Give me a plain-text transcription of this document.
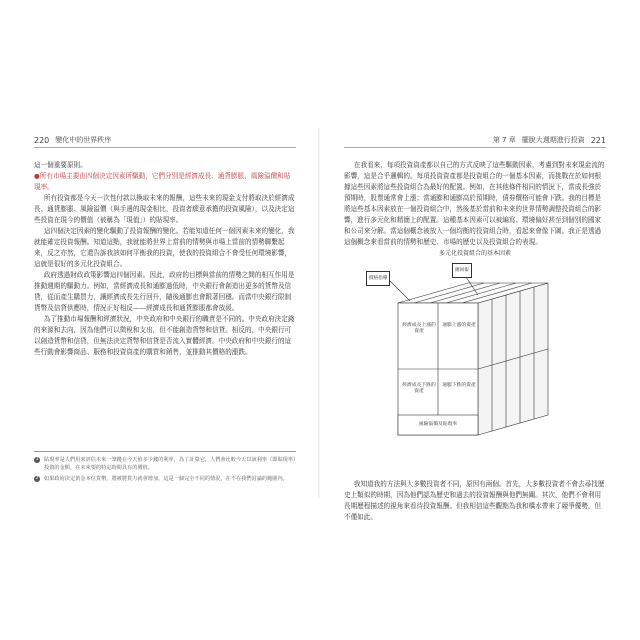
220 變化中的世界秩序

這一個重要原則。

●所有市場主要由四個決定因素所驅動，它們分別是經濟成長、通貨膨脹、風險溢價和貼現率。

所有投資都是今天一次性付款以換取未來的報酬，這些未來的現金支付將取決於經濟成長、通貨膨脹、風險溢價（與手邊的現金相比，投資者願意承擔的投資風險），以及決定這些投資在現今的價值（被稱為「現值」）的貼現率。

這四個決定因素的變化驅動了投資報酬的變化。若能知道任何一個因素未來的變化，我就能確定投資報酬。知道這點，我就能將世界上當前的情勢與市場上當前的情勢聯繫起來，反之亦然，它還告訴我該如何平衡我的投資，使我的投資組合不會受任何環境影響，這就是很好的多元化投資組合。

政府透過財政政策影響這四個因素。因此，政府的目標與當前的情勢之間的相互作用是推動週期的驅動力。例如，當經濟成長和通膨過低時，中央銀行會創造出更多的貨幣及信貸，從而產生購買力，讓經濟成長先行回升，隨後通膨也會跟著回穩。而當中央銀行限制貨幣及信貸供應時，情況正好相反——經濟成長和通貨膨脹都會放緩。

為了推動市場報酬和經濟狀況，中央政府和中央銀行的職責是不同的。中央政府決定錢的來源和去向，因為他們可以徵稅和支出，但不能創造貨幣和信貸。相反的，中央銀行可以創造貨幣和信貸，但無法決定貨幣和信貸是否流入實體經濟。中央政府和中央銀行的這些行動會影響商品、服務和投資資產的購買和銷售，並推動其價格的漲跌。

1	貼現率是人們用來評估未來一筆錢在今天值多少錢的利率，為了計算它，人們會比較今天以該利率（即貼現率）投資的金額，在未來要的特定時間具有的價值。
2	如果政府決定黃金本位貨幣，將被將貨力就會增加。這是一個完全不同的情況，在不在我們討論的範圍內。
第 7 章 擺脫大週期進行投資 221

在我看來，每項投資資產都以自己的方式反映了這些驅動因素，考慮到對未來現金流的影響，這是合乎邏輯的。每項投資資產都是投資組合的一個基本因素，而挑戰在於如何根據這些因素將這些投資組合為最好的配置。例如，在其他條件相同的情況下，當成長強於預期時，股票通常會上漲；當通膨和通膨高於預期時，債券價格可能會下跌。我的目標是將這些基本因素放在一個投資組合中，然後基於當前和未來的世界情勢調整投資組合的影響，進行多元化和精簡上的配置。這種基本因素可以被編寫、環境偏好甚至到個別的國家和公司來分解。當這個概念被放入一個均衡的投資組合時，看起來會像下圖。我正是透過這個概念來看當前的情勢和歷史、市場的歷史以及投資組合的表現。

多元化投資組合的基本因素
價格指導
總回報
經濟成長上漲的資產
通膨上漲的資產
經濟成長下跌的資產
通膨下跌的資產
風險溢價及貼現率

我知道我的方法與大多數投資者不同，原因有兩個。首先，大多數投資者不會去尋找歷史上類似的時期，因為他們認為歷史和過去的投資報酬與他們無關。其次，他們不會利用長期歷程描述的視角來看待投資報酬。但我相信這些觀點為我和橋水帶來了競爭優勢，但不僅如此。
